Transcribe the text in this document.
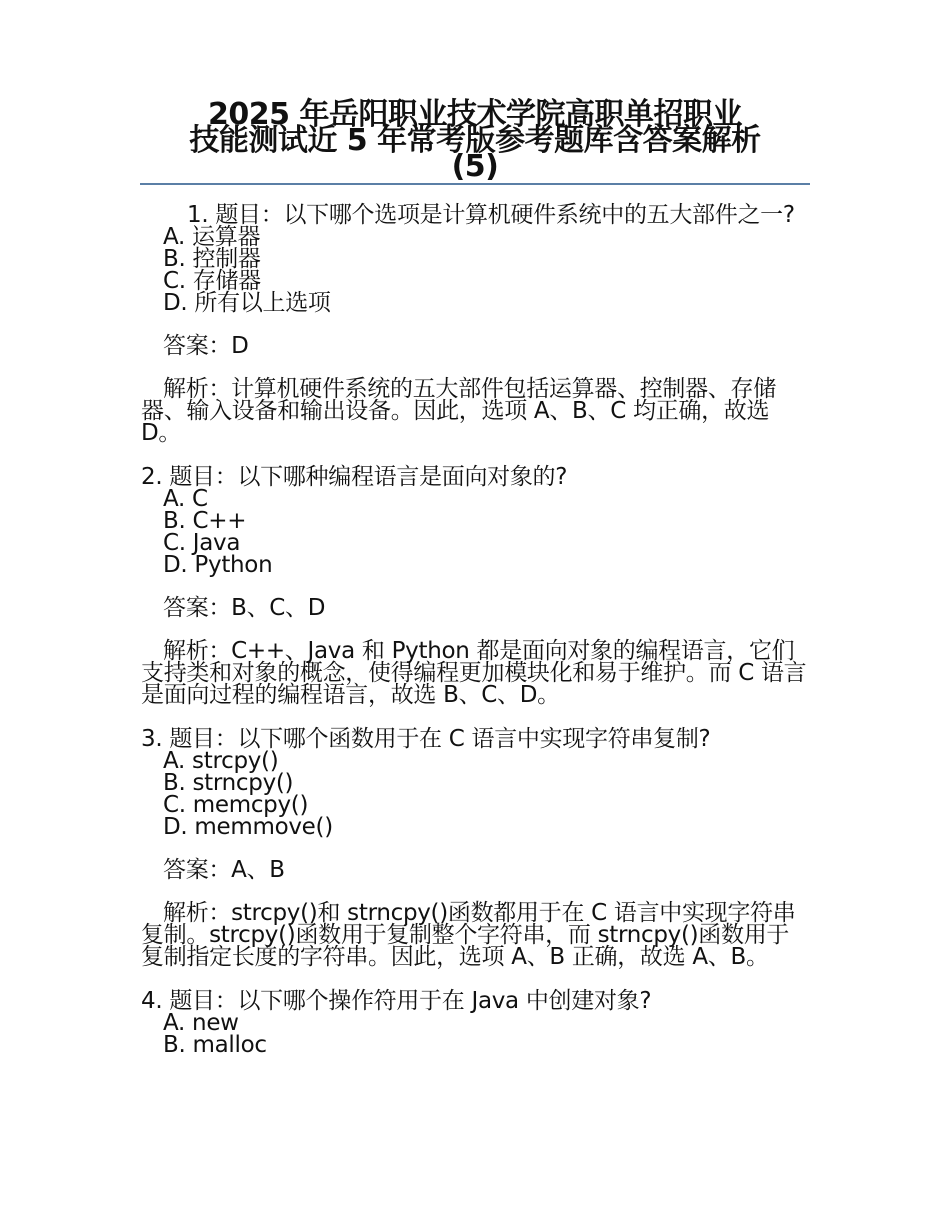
2025 年岳阳职业技术学院高职单招职业
技能测试近 5 年常考版参考题库含答案解析
(5)

1. 题目：以下哪个选项是计算机硬件系统中的五大部件之一?

A. 运算器
B. 控制器
C. 存储器
D. 所有以上选项

答案：D

解析：计算机硬件系统的五大部件包括运算器、控制器、存储器、输入设备和输出设备。因此，选项 A、B、C 均正确，故选 D。

2. 题目：以下哪种编程语言是面向对象的?

A. C
B. C++
C. Java
D. Python

答案：B、C、D

解析：C++、Java 和 Python 都是面向对象的编程语言，它们支持类和对象的概念，使得编程更加模块化和易于维护。而 C 语言是面向过程的编程语言，故选 B、C、D。

3. 题目：以下哪个函数用于在 C 语言中实现字符串复制?

A. strcpy()
B. strncpy()
C. memcpy()
D. memmove()

答案：A、B

解析：strcpy()和 strncpy()函数都用于在 C 语言中实现字符串复制。strcpy()函数用于复制整个字符串，而 strncpy()函数用于复制指定长度的字符串。因此，选项 A、B 正确，故选 A、B。

4. 题目：以下哪个操作符用于在 Java 中创建对象?

A. new
B. malloc
